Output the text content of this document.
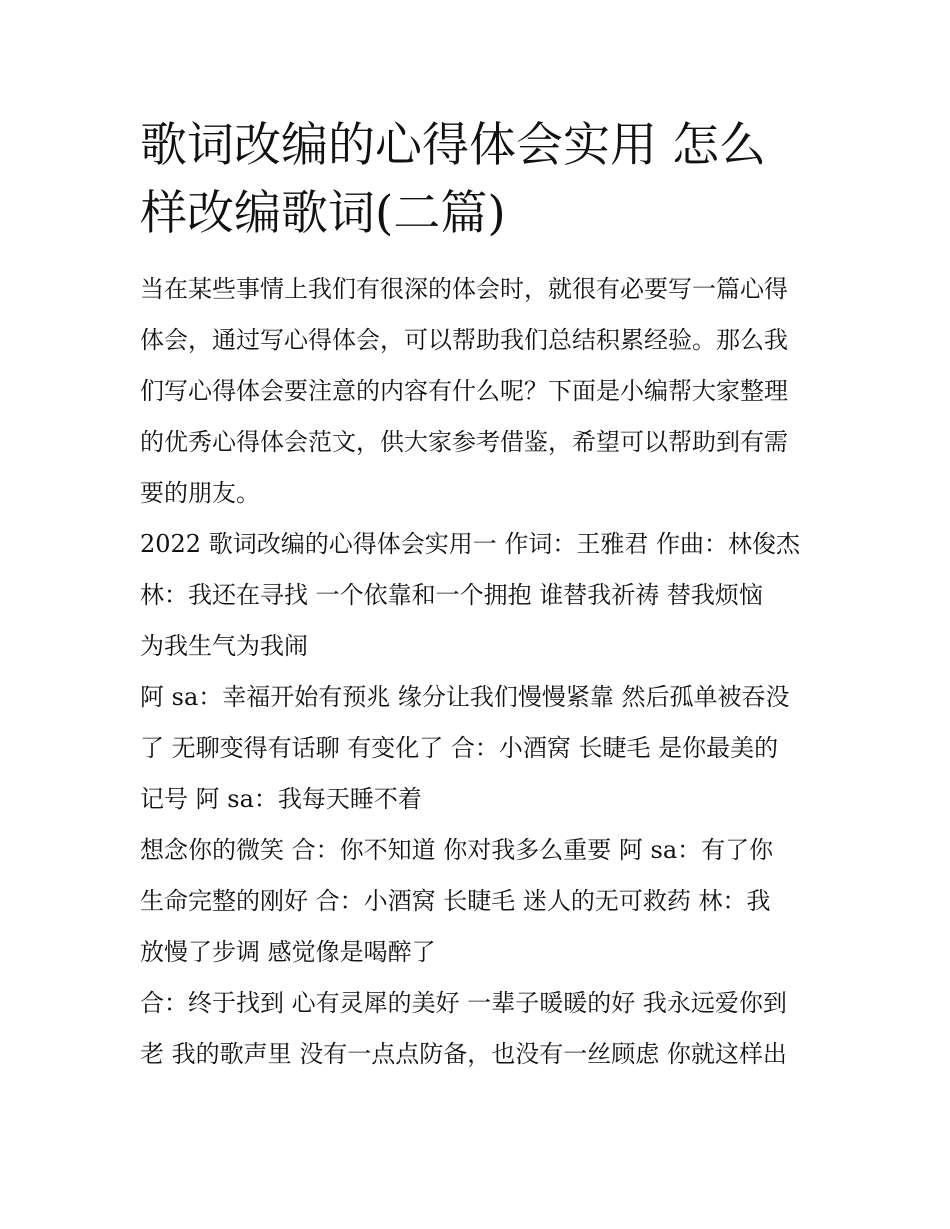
歌词改编的心得体会实用 怎么
样改编歌词(二篇)

当在某些事情上我们有很深的体会时，就很有必要写一篇心得
体会，通过写心得体会，可以帮助我们总结积累经验。那么我
们写心得体会要注意的内容有什么呢？下面是小编帮大家整理
的优秀心得体会范文，供大家参考借鉴，希望可以帮助到有需
要的朋友。

2022 歌词改编的心得体会实用一 作词：王雅君 作曲：林俊杰
林：我还在寻找 一个依靠和一个拥抱 谁替我祈祷 替我烦恼
为我生气为我闹

阿 sa：幸福开始有预兆 缘分让我们慢慢紧靠 然后孤单被吞没
了 无聊变得有话聊 有变化了 合：小酒窝 长睫毛 是你最美的
记号 阿 sa：我每天睡不着

想念你的微笑 合：你不知道 你对我多么重要 阿 sa：有了你
生命完整的刚好 合：小酒窝 长睫毛 迷人的无可救药 林：我
放慢了步调 感觉像是喝醉了

合：终于找到 心有灵犀的美好 一辈子暖暖的好 我永远爱你到
老 我的歌声里 没有一点点防备，也没有一丝顾虑 你就这样出
